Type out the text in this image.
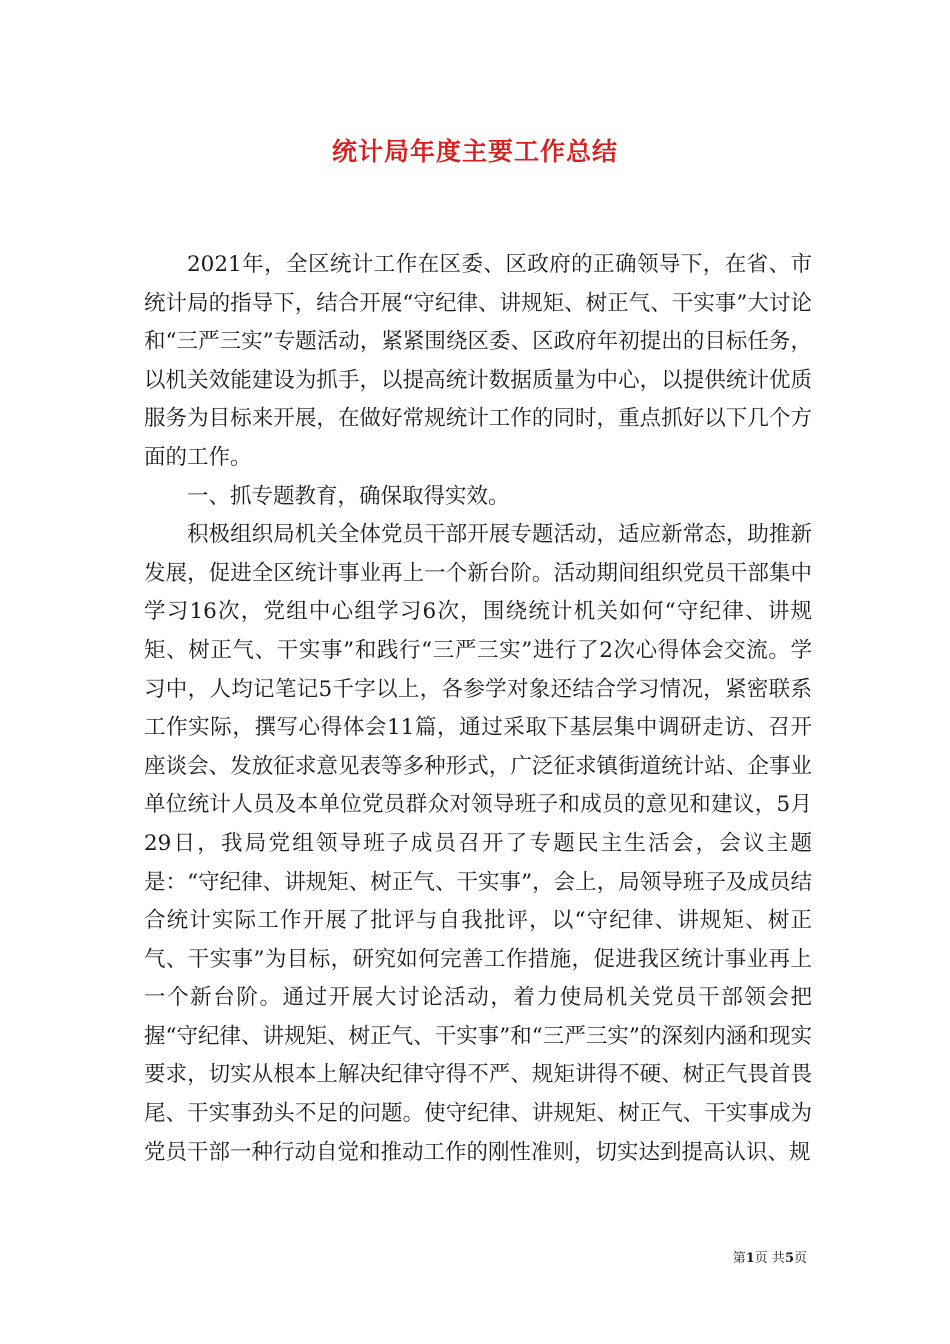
统计局年度主要工作总结

2021年，全区统计工作在区委、区政府的正确领导下，在省、市统计局的指导下，结合开展“守纪律、讲规矩、树正气、干实事”大讨论和“三严三实”专题活动，紧紧围绕区委、区政府年初提出的目标任务，以机关效能建设为抓手，以提高统计数据质量为中心，以提供统计优质服务为目标来开展，在做好常规统计工作的同时，重点抓好以下几个方面的工作。

一、抓专题教育，确保取得实效。

积极组织局机关全体党员干部开展专题活动，适应新常态，助推新发展，促进全区统计事业再上一个新台阶。活动期间组织党员干部集中学习16次，党组中心组学习6次，围绕统计机关如何“守纪律、讲规矩、树正气、干实事”和践行“三严三实”进行了2次心得体会交流。学习中，人均记笔记5千字以上，各参学对象还结合学习情况，紧密联系工作实际，撰写心得体会11篇，通过采取下基层集中调研走访、召开座谈会、发放征求意见表等多种形式，广泛征求镇街道统计站、企事业单位统计人员及本单位党员群众对领导班子和成员的意见和建议，5月29日，我局党组领导班子成员召开了专题民主生活会，会议主题是：“守纪律、讲规矩、树正气、干实事”，会上，局领导班子及成员结合统计实际工作开展了批评与自我批评，以“守纪律、讲规矩、树正气、干实事”为目标，研究如何完善工作措施，促进我区统计事业再上一个新台阶。通过开展大讨论活动，着力使局机关党员干部领会把握“守纪律、讲规矩、树正气、干实事”和“三严三实”的深刻内涵和现实要求，切实从根本上解决纪律守得不严、规矩讲得不硬、树正气畏首畏尾、干实事劲头不足的问题。使守纪律、讲规矩、树正气、干实事成为党员干部一种行动自觉和推动工作的刚性准则，切实达到提高认识、规

第1页 共5页
